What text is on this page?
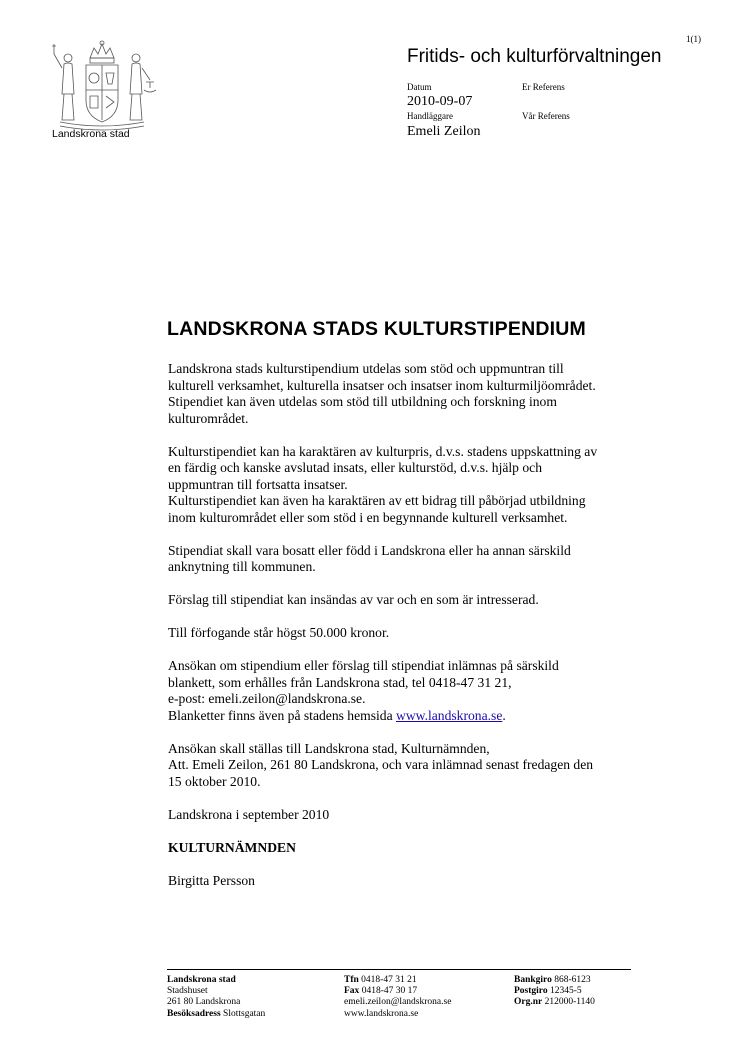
1(1)
Landskrona stad
Fritids- och kulturförvaltningen
Datum	Er Referens
2010-09-07
Handläggare	Vår Referens
Emeli Zeilon
LANDSKRONA STADS KULTURSTIPENDIUM

Landskrona stads kulturstipendium utdelas som stöd och uppmuntran till
kulturell verksamhet, kulturella insatser och insatser inom kulturmiljöområdet.
Stipendiet kan även utdelas som stöd till utbildning och forskning inom
kulturområdet.

Kulturstipendiet kan ha karaktären av kulturpris, d.v.s. stadens uppskattning av
en färdig och kanske avslutad insats, eller kulturstöd, d.v.s. hjälp och
uppmuntran till fortsatta insatser.
Kulturstipendiet kan även ha karaktären av ett bidrag till påbörjad utbildning
inom kulturområdet eller som stöd i en begynnande kulturell verksamhet.

Stipendiat skall vara bosatt eller född i Landskrona eller ha annan särskild
anknytning till kommunen.

Förslag till stipendiat kan insändas av var och en som är intresserad.

Till förfogande står högst 50.000 kronor.

Ansökan om stipendium eller förslag till stipendiat inlämnas på särskild
blankett, som erhålles från Landskrona stad, tel 0418-47 31 21,
e-post: emeli.zeilon@landskrona.se.
Blanketter finns även på stadens hemsida www.landskrona.se.

Ansökan skall ställas till Landskrona stad, Kulturnämnden,
Att. Emeli Zeilon, 261 80 Landskrona, och vara inlämnad senast fredagen den
15 oktober 2010.

Landskrona i september 2010

KULTURNÄMNDEN

Birgitta Persson

Landskrona stad
Stadshuset
261 80 Landskrona
Besöksadress Slottsgatan
Tfn 0418-47 31 21
Fax 0418-47 30 17
emeli.zeilon@landskrona.se
www.landskrona.se
Bankgiro 868-6123
Postgiro 12345-5
Org.nr 212000-1140
